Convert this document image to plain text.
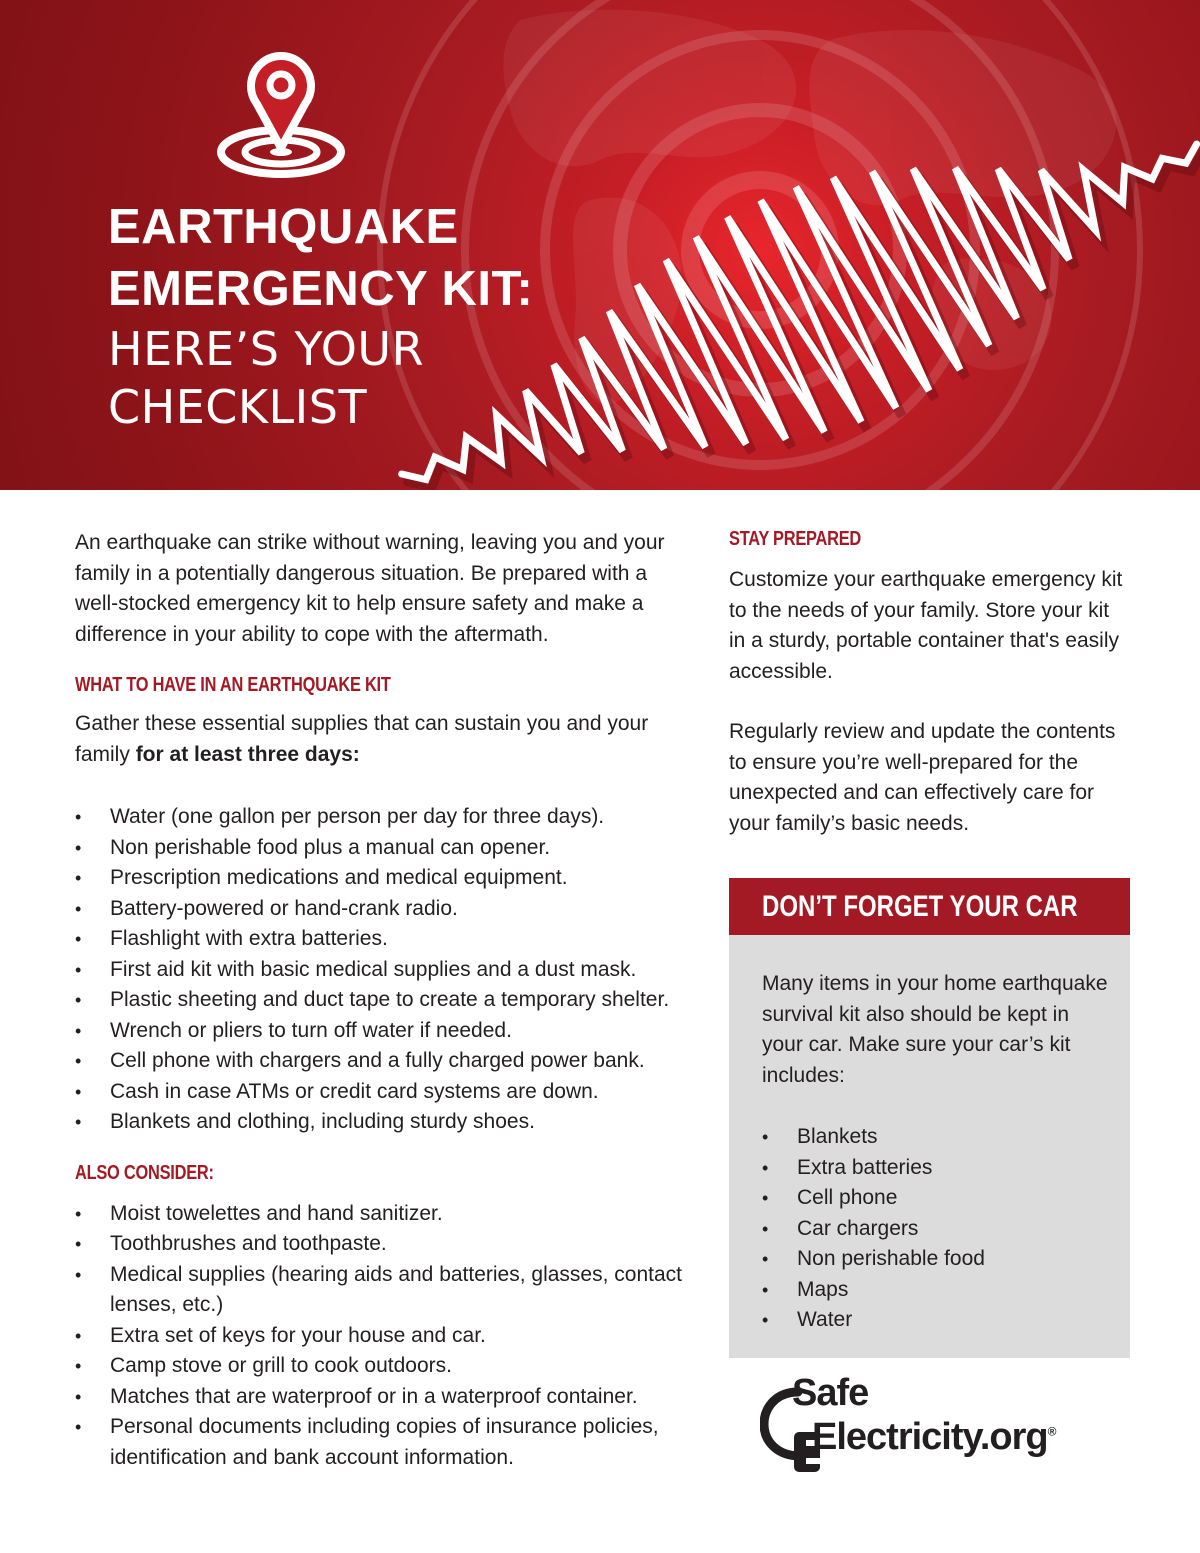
EARTHQUAKE
EMERGENCY KIT:
HERE’S YOUR
CHECKLIST

An earthquake can strike without warning, leaving you and your family in a potentially dangerous situation. Be prepared with a well-stocked emergency kit to help ensure safety and make a difference in your ability to cope with the aftermath.

WHAT TO HAVE IN AN EARTHQUAKE KIT

Gather these essential supplies that can sustain you and your family for at least three days:

• Water (one gallon per person per day for three days).
• Non perishable food plus a manual can opener.
• Prescription medications and medical equipment.
• Battery-powered or hand-crank radio.
• Flashlight with extra batteries.
• First aid kit with basic medical supplies and a dust mask.
• Plastic sheeting and duct tape to create a temporary shelter.
• Wrench or pliers to turn off water if needed.
• Cell phone with chargers and a fully charged power bank.
• Cash in case ATMs or credit card systems are down.
• Blankets and clothing, including sturdy shoes.
ALSO CONSIDER:
• Moist towelettes and hand sanitizer.
• Toothbrushes and toothpaste.
• Medical supplies (hearing aids and batteries, glasses, contact lenses, etc.)
• Extra set of keys for your house and car.
• Camp stove or grill to cook outdoors.
• Matches that are waterproof or in a waterproof container.
• Personal documents including copies of insurance policies, identification and bank account information.
STAY PREPARED

Customize your earthquake emergency kit to the needs of your family. Store your kit in a sturdy, portable container that's easily accessible.

Regularly review and update the contents to ensure you’re well-prepared for the unexpected and can effectively care for your family’s basic needs.

DON’T FORGET YOUR CAR

Many items in your home earthquake survival kit also should be kept in your car. Make sure your car’s kit includes:

• Blankets
• Extra batteries
• Cell phone
• Car chargers
• Non perishable food
• Maps
• Water
Safe
Electricity.org®
